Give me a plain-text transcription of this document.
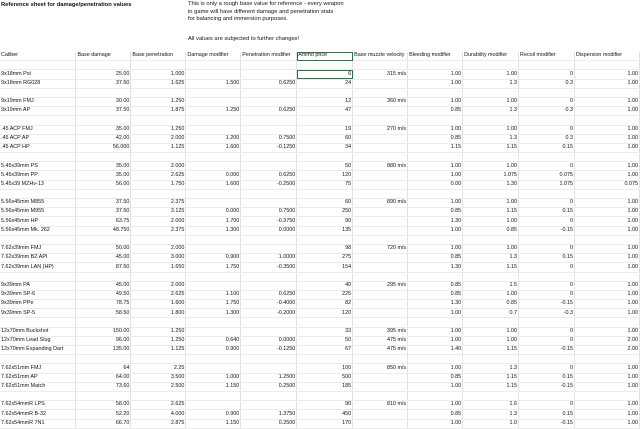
Reference sheet for damage/penetration values	This is only a rough base value for reference - every weapon
in game will have different damage and penetration stats
for balancing and immersion purposes.
All values are subjected to further changes!
Caliber	Base damage	Base penetration	Damage modifier	Penetration modifier	Ammo price	Base muzzle velocity	Bleeding modifier	Durability modifier	Recoil modifier	Dispersion modifier

9x18mm Pst	25.00	1.000			6	315 m/s	1.00	1.00	0	1.00
9x18mm RG028	37.50	1.625	1.500	0.6250	24		1.00	1.3	0.3	1.00

9x19mm FMJ	30.00	1.250			12	360 m/s	1.00	1.00	0	1.00
9x19mm AP	37.50	1.875	1.250	0.6250	47		0.85	1.3	0.3	1.00

.45 ACP FMJ	35.00	1.250			19	270 m/s	1.00	1.00	0	1.00
.45 ACP AP	42.00	2.000	1.200	0.7500	60		0.85	1.3	0.3	1.00
.45 ACP HP	56.000	1.125	1.600	-0.1250	34		1.15	1.15	0.15	1.00

5.45x39mm PS	35.00	2.000			50	880 m/s	1.00	1.00	0	1.00
5.45x39mm PP	35.00	2.625	0.000	0.6250	120		1.00	1.075	0.075	1.00
5.45x39 MZHv-13	56.00	1.750	1.600	-0.2500	75		0.00	1.30	1.075	0.075

5.56x45mm M855	37.50	2.375			60	890 m/s	1.00	1.00	0	1.00
5.56x45mm M955	37.50	3.125	0.000	0.7500	250		0.85	1.15	0.15	1.00
5.56x45mm HP	63.75	2.000	1.700	-0.3750	90		1.30	1.00	0	1.00
5.56x45mm Mk. 262	48.750	2.375	1.300	0.0000	135		1.00	0.85	-0.15	1.00

7.62x39mm FMJ	50.00	2.000			98	720 m/s	1.00	1.00	0	1.00
7.62x39mm BZ API	45.00	3.000	0.900	1.0000	275		0.85	1.3	0.15	1.00
7.62x39mm LAN (HP)	87.50	1.650	1.750	-0.3500	154		1.30	1.15	0	1.00

9x39mm PA	45.00	2.000			40	295 m/s	0.85	1.5	0	1.00
9x39mm SP-6	49.50	2.625	1.100	0.6250	225		0.85	1.00	0	1.00
9x39mm PPe	78.75	1.600	1.750	-0.4000	82		1.30	0.85	-0.15	1.00
9x39mm SP-5	58.50	1.800	1.300	-0.2000	120		1.00	0.7	-0.3	1.00

12x70mm Buckshot	150.00	1.250			33	395 m/s	1.00	1.00	0	1.00
12x70mm Lead Slug	96.00	1.250	0.640	0.0000	50	475 m/s	1.00	1.00	0	2.00
12x70mm Expanding Dart	135.00	1.125	0.900	-0.1250	67	475 m/s	1.40	1.15	-0.15	2.00

7.62x51mm FMJ	64	2.25			100	850 m/s	1.00	1.3	0	1.00
7.62x51mm AP	64.00	3.500	1.000	1.2500	500		0.85	1.15	0.15	1.00
7.62x51mm Match	73.60	2.500	1.150	0.2500	185		1.00	1.15	-0.15	1.00

7.62x54mmR LPS	58.00	2.625			90	810 m/s	1.00	1.6	0	1.00
7.62x54mmR B-32	52.20	4.000	0.900	1.3750	450		0.85	1.3	0.15	1.00
7.62x54mmR 7N1	66.70	2.875	1.150	0.2500	170		1.00	1.0	-0.15	1.00
